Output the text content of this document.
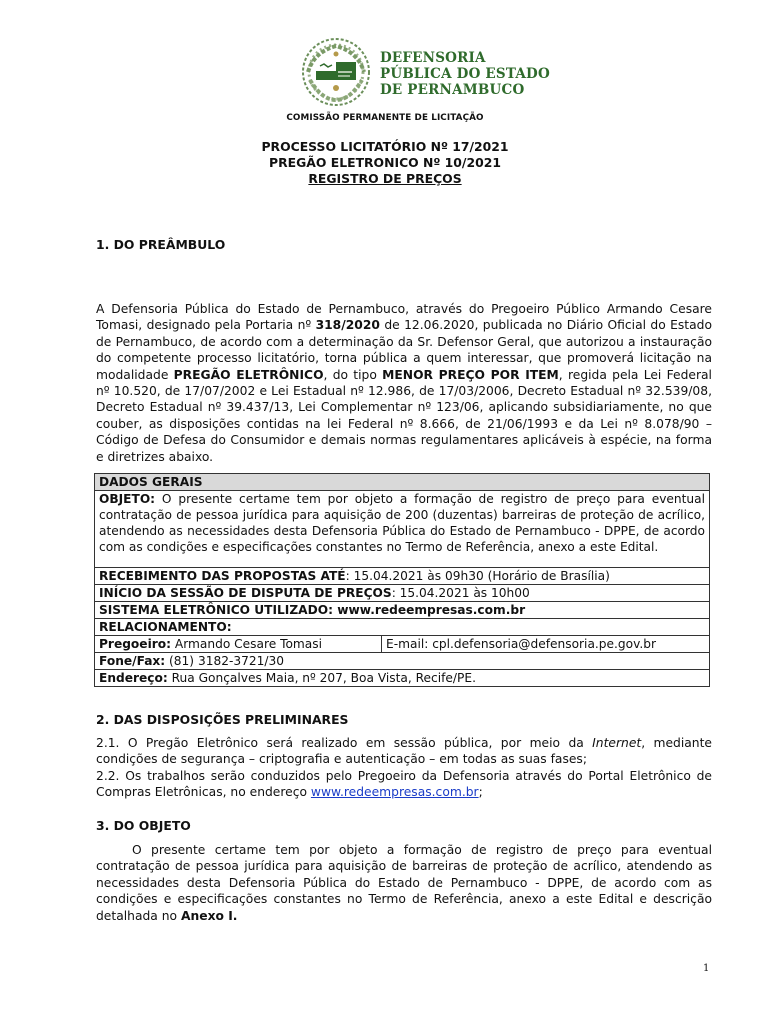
DEFENSORIA
PÚBLICA DO ESTADO
DE PERNAMBUCO
COMISSÃO PERMANENTE DE LICITAÇÃO
PROCESSO LICITATÓRIO Nº 17/2021
PREGÃO ELETRONICO Nº 10/2021
REGISTRO DE PREÇOS
1. DO PREÂMBULO
A Defensoria Pública do Estado de Pernambuco, através do Pregoeiro Público Armando Cesare Tomasi, designado pela Portaria nº 318/2020 de 12.06.2020, publicada no Diário Oficial do Estado de Pernambuco, de acordo com a determinação da Sr. Defensor Geral, que autorizou a instauração do competente processo licitatório, torna pública a quem interessar, que promoverá licitação na modalidade PREGÃO ELETRÔNICO, do tipo MENOR PREÇO POR ITEM, regida pela Lei Federal nº 10.520, de 17/07/2002 e Lei Estadual nº 12.986, de 17/03/2006, Decreto Estadual nº 32.539/08, Decreto Estadual nº 39.437/13, Lei Complementar nº 123/06, aplicando subsidiariamente, no que couber, as disposições contidas na lei Federal nº 8.666, de 21/06/1993 e da Lei nº 8.078/90 – Código de Defesa do Consumidor e demais normas regulamentares aplicáveis à espécie, na forma e diretrizes abaixo.
DADOS GERAIS
OBJETO: O presente certame tem por objeto a formação de registro de preço para eventual contratação de pessoa jurídica para aquisição de 200 (duzentas) barreiras de proteção de acrílico, atendendo as necessidades desta Defensoria Pública do Estado de Pernambuco - DPPE, de acordo com as condições e especificações constantes no Termo de Referência, anexo a este Edital.

RECEBIMENTO DAS PROPOSTAS ATÉ: 15.04.2021 às 09h30 (Horário de Brasília)
INÍCIO DA SESSÃO DE DISPUTA DE PREÇOS: 15.04.2021 às 10h00
SISTEMA ELETRÔNICO UTILIZADO: www.redeempresas.com.br
RELACIONAMENTO:
Pregoeiro: Armando Cesare Tomasi	E-mail: cpl.defensoria@defensoria.pe.gov.br
Fone/Fax: (81) 3182-3721/30
Endereço: Rua Gonçalves Maia, nº 207, Boa Vista, Recife/PE.
2. DAS DISPOSIÇÕES PRELIMINARES
2.1. O Pregão Eletrônico será realizado em sessão pública, por meio da Internet, mediante condições de segurança – criptografia e autenticação – em todas as suas fases;
2.2. Os trabalhos serão conduzidos pelo Pregoeiro da Defensoria através do Portal Eletrônico de Compras Eletrônicas, no endereço www.redeempresas.com.br;
3. DO OBJETO
O presente certame tem por objeto a formação de registro de preço para eventual contratação de pessoa jurídica para aquisição de barreiras de proteção de acrílico, atendendo as necessidades desta Defensoria Pública do Estado de Pernambuco - DPPE, de acordo com as condições e especificações constantes no Termo de Referência, anexo a este Edital e descrição detalhada no Anexo I.
1
